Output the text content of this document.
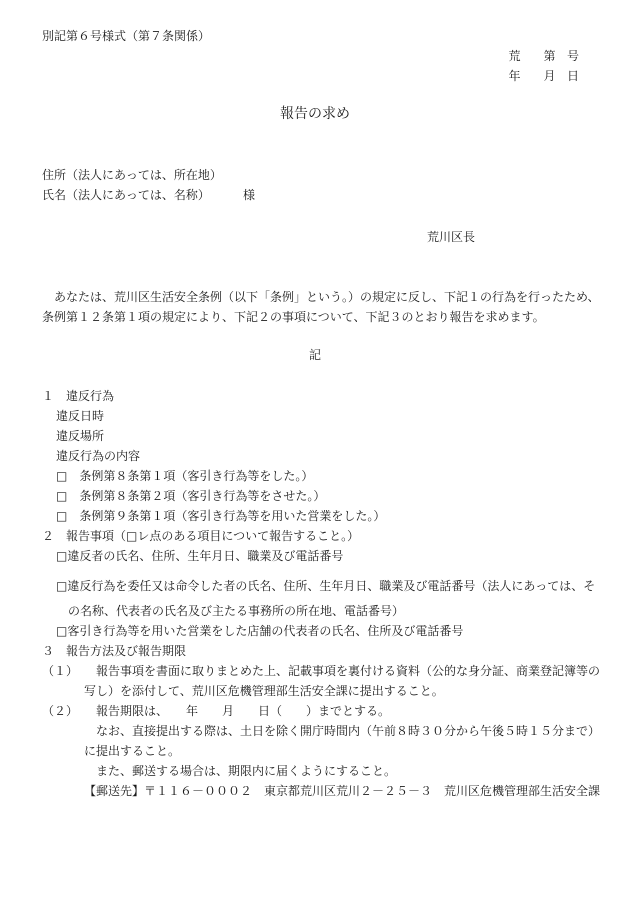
別記第６号様式（第７条関係）
荒 第 号
年 月 日
報告の求め
住所（法人にあっては、所在地）
氏名（法人にあっては、名称）	様
荒川区長
　あなたは、荒川区生活安全条例（以下「条例」という。）の規定に反し、下記１の行為を行ったため、
条例第１２条第１項の規定により、下記２の事項について、下記３のとおり報告を求めます。
記
１　違反行為
違反日時
違反場所
違反行為の内容
□　条例第８条第１項（客引き行為等をした。）
□　条例第８条第２項（客引き行為等をさせた。）
□　条例第９条第１項（客引き行為等を用いた営業をした。）
２　報告事項（□レ点のある項目について報告すること。）
□違反者の氏名、住所、生年月日、職業及び電話番号
□違反行為を委任又は命令した者の氏名、住所、生年月日、職業及び電話番号（法人にあっては、そ
の名称、代表者の氏名及び主たる事務所の所在地、電話番号）
□客引き行為等を用いた営業をした店舗の代表者の氏名、住所及び電話番号
３　報告方法及び報告期限
（１） 報告事項を書面に取りまとめた上、記載事項を裏付ける資料（公的な身分証、商業登記簿等の
写し）を添付して、荒川区危機管理部生活安全課に提出すること。
（２） 報告期限は、　　年　　月　　日（　　）までとする。
なお、直接提出する際は、土日を除く開庁時間内（午前８時３０分から午後５時１５分まで）
に提出すること。
また、郵送する場合は、期限内に届くようにすること。
【郵送先】〒１１６－０００２　東京都荒川区荒川２－２５－３　荒川区危機管理部生活安全課
